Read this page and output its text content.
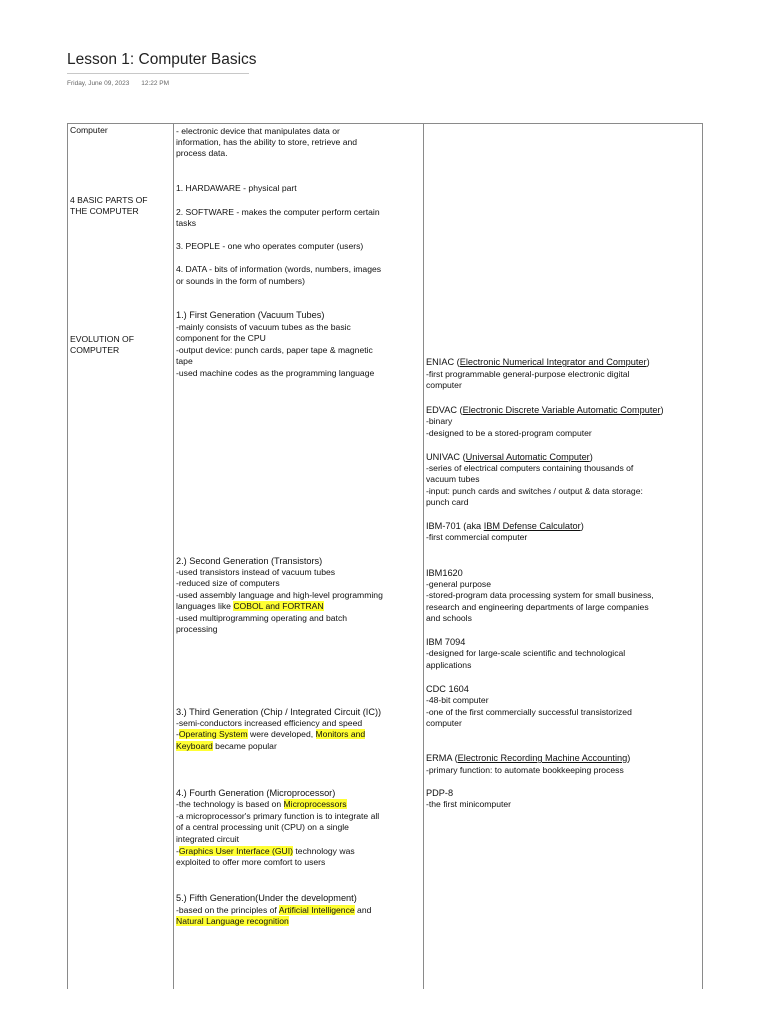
Lesson 1: Computer Basics
Friday, June 09, 2023 12:22 PM
Computer
4 BASIC PARTS OF
THE COMPUTER
EVOLUTION OF
COMPUTER
- electronic device that manipulates data or
information, has the ability to store, retrieve and
process data.
1. HARDAWARE - physical part
2. SOFTWARE - makes the computer perform certain
tasks
3. PEOPLE - one who operates computer (users)
4. DATA - bits of information (words, numbers, images
or sounds in the form of numbers)
1.) First Generation (Vacuum Tubes)
-mainly consists of vacuum tubes as the basic
component for the CPU
-output device: punch cards, paper tape & magnetic
tape
-used machine codes as the programming language
2.) Second Generation (Transistors)
-used transistors instead of vacuum tubes
-reduced size of computers
-used assembly language and high-level programming
languages like COBOL and FORTRAN
-used multiprogramming operating and batch
processing
3.) Third Generation (Chip / Integrated Circuit (IC))
-semi-conductors increased efficiency and speed
-Operating System were developed, Monitors and
Keyboard became popular
4.) Fourth Generation (Microprocessor)
-the technology is based on Microprocessors
-a microprocessor's primary function is to integrate all
of a central processing unit (CPU) on a single
integrated circuit
-Graphics User Interface (GUI) technology was
exploited to offer more comfort to users
5.) Fifth Generation(Under the development)
-based on the principles of Artificial Intelligence and
Natural Language recognition
ENIAC (Electronic Numerical Integrator and Computer)
-first programmable general-purpose electronic digital
computer
EDVAC (Electronic Discrete Variable Automatic Computer)
-binary
-designed to be a stored-program computer
UNIVAC (Universal Automatic Computer)
-series of electrical computers containing thousands of
vacuum tubes
-input: punch cards and switches / output & data storage:
punch card
IBM-701 (aka IBM Defense Calculator)
-first commercial computer
IBM1620
-general purpose
-stored-program data processing system for small business,
research and engineering departments of large companies
and schools
IBM 7094
-designed for large-scale scientific and technological
applications
CDC 1604
-48-bit computer
-one of the first commercially successful transistorized
computer
ERMA (Electronic Recording Machine Accounting)
-primary function: to automate bookkeeping process
PDP-8
-the first minicomputer
